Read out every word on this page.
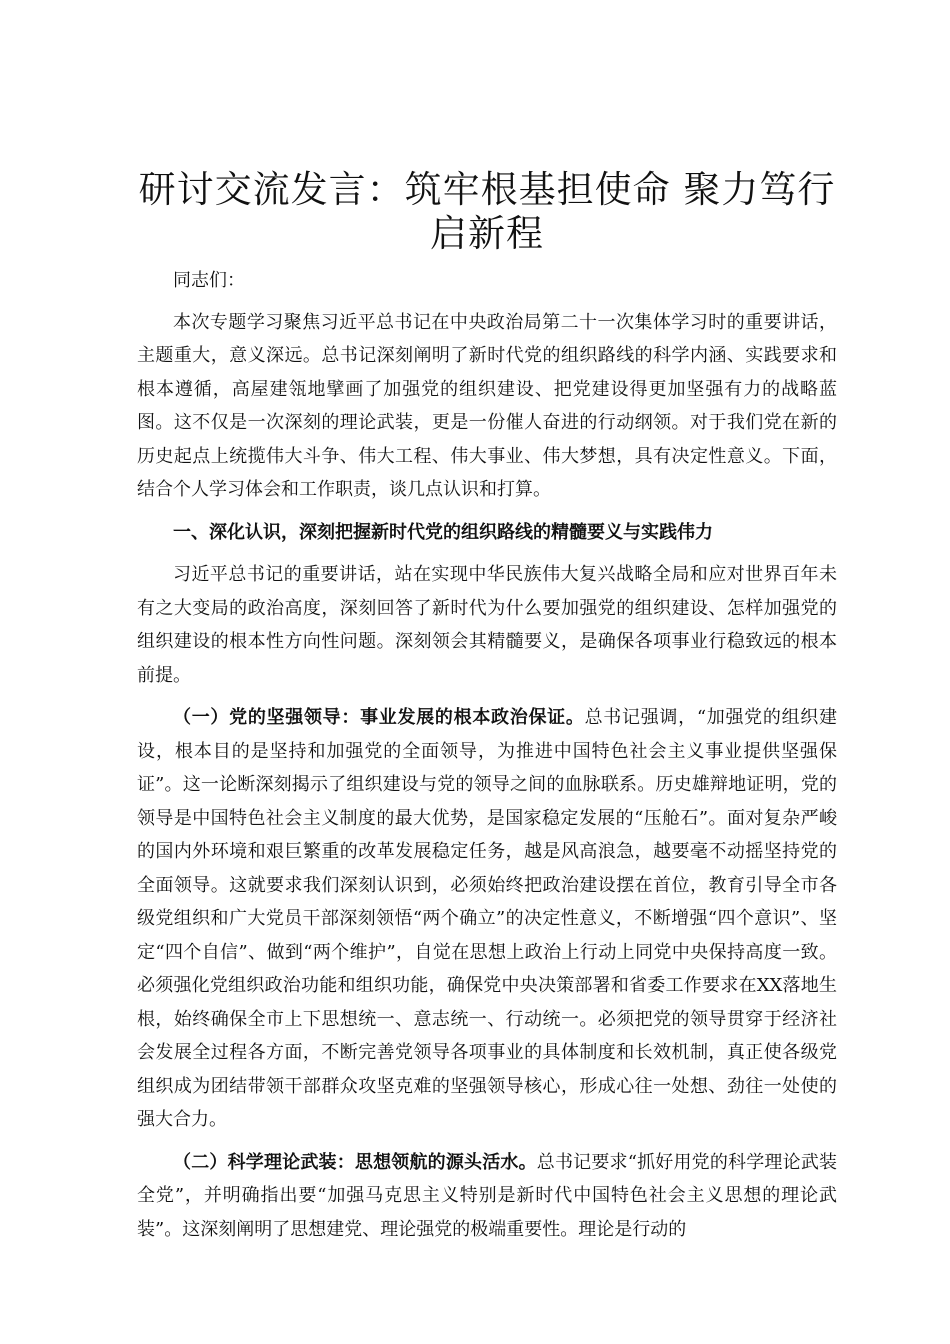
研讨交流发言：筑牢根基担使命 聚力笃行启新程

同志们：

本次专题学习聚焦习近平总书记在中央政治局第二十一次集体学习时的重要讲话，主题重大，意义深远。总书记深刻阐明了新时代党的组织路线的科学内涵、实践要求和根本遵循，高屋建瓴地擘画了加强党的组织建设、把党建设得更加坚强有力的战略蓝图。这不仅是一次深刻的理论武装，更是一份催人奋进的行动纲领。对于我们党在新的历史起点上统揽伟大斗争、伟大工程、伟大事业、伟大梦想，具有决定性意义。下面，结合个人学习体会和工作职责，谈几点认识和打算。

一、深化认识，深刻把握新时代党的组织路线的精髓要义与实践伟力

习近平总书记的重要讲话，站在实现中华民族伟大复兴战略全局和应对世界百年未有之大变局的政治高度，深刻回答了新时代为什么要加强党的组织建设、怎样加强党的组织建设的根本性方向性问题。深刻领会其精髓要义，是确保各项事业行稳致远的根本前提。

（一）党的坚强领导：事业发展的根本政治保证。总书记强调，“加强党的组织建设，根本目的是坚持和加强党的全面领导，为推进中国特色社会主义事业提供坚强保证”。这一论断深刻揭示了组织建设与党的领导之间的血脉联系。历史雄辩地证明，党的领导是中国特色社会主义制度的最大优势，是国家稳定发展的“压舱石”。面对复杂严峻的国内外环境和艰巨繁重的改革发展稳定任务，越是风高浪急，越要毫不动摇坚持党的全面领导。这就要求我们深刻认识到，必须始终把政治建设摆在首位，教育引导全市各级党组织和广大党员干部深刻领悟“两个确立”的决定性意义，不断增强“四个意识”、坚定“四个自信”、做到“两个维护”，自觉在思想上政治上行动上同党中央保持高度一致。必须强化党组织政治功能和组织功能，确保党中央决策部署和省委工作要求在XX落地生根，始终确保全市上下思想统一、意志统一、行动统一。必须把党的领导贯穿于经济社会发展全过程各方面，不断完善党领导各项事业的具体制度和长效机制，真正使各级党组织成为团结带领干部群众攻坚克难的坚强领导核心，形成心往一处想、劲往一处使的强大合力。

（二）科学理论武装：思想领航的源头活水。总书记要求“抓好用党的科学理论武装全党”，并明确指出要“加强马克思主义特别是新时代中国特色社会主义思想的理论武装”。这深刻阐明了思想建党、理论强党的极端重要性。理论是行动的
